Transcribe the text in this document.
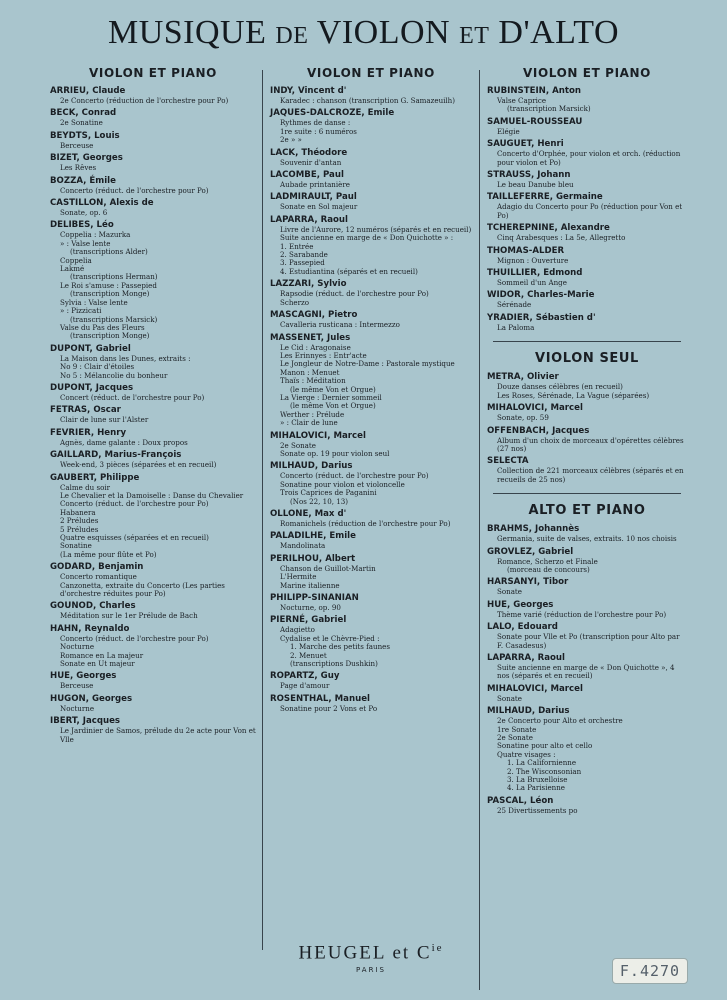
MUSIQUE DE VIOLON ET D'ALTO
VIOLON ET PIANO
ARRIEU, Claude
2e Concerto (réduction de l'orchestre pour Po)
BECK, Conrad
2e Sonatine
BEYDTS, Louis
Berceuse
BIZET, Georges
Les Rêves
BOZZA, Émile
Concerto (réduct. de l'orchestre pour Po)
CASTILLON, Alexis de
Sonate, op. 6
DELIBES, Léo
Coppelia : Mazurka
» : Valse lente
(transcriptions Alder)
Coppelia
Lakmé
(transcriptions Herman)
Le Roi s'amuse : Passepied
(transcription Monge)
Sylvia : Valse lente
» : Pizzicati
(transcriptions Marsick)
Valse du Pas des Fleurs
(transcription Monge)
DUPONT, Gabriel
La Maison dans les Dunes, extraits :
No 9 : Clair d'étoiles
No 5 : Mélancolie du bonheur
DUPONT, Jacques
Concert (réduct. de l'orchestre pour Po)
FETRAS, Oscar
Clair de lune sur l'Alster
FEVRIER, Henry
Agnès, dame galante : Doux propos
GAILLARD, Marius-François
Week-end, 3 pièces (séparées et en recueil)
GAUBERT, Philippe
Calme du soir
Le Chevalier et la Damoiselle : Danse du Chevalier
Concerto (réduct. de l'orchestre pour Po)
Habanera
2 Préludes
5 Préludes
Quatre esquisses (séparées et en recueil)
Sonatine
(La même pour flûte et Po)
GODARD, Benjamin
Concerto romantique
Canzonetta, extraite du Concerto (Les parties d'orchestre réduites pour Po)
GOUNOD, Charles
Méditation sur le 1er Prélude de Bach
HAHN, Reynaldo
Concerto (réduct. de l'orchestre pour Po)
Nocturne
Romance en La majeur
Sonate en Ut majeur
HUE, Georges
Berceuse
HUGON, Georges
Nocturne
IBERT, Jacques
Le Jardinier de Samos, prélude du 2e acte pour Von et Vlle
VIOLON ET PIANO
INDY, Vincent d'
Karadec : chanson (transcription G. Samazeuilh)
JAQUES-DALCROZE, Emile
Rythmes de danse :
1re suite : 6 numéros
2e » »
LACK, Théodore
Souvenir d'antan
LACOMBE, Paul
Aubade printanière
LADMIRAULT, Paul
Sonate en Sol majeur
LAPARRA, Raoul
Livre de l'Aurore, 12 numéros (séparés et en recueil)
Suite ancienne en marge de « Don Quichotte » :
1. Entrée
2. Sarabande
3. Passepied
4. Estudiantina (séparés et en recueil)
LAZZARI, Sylvio
Rapsodie (réduct. de l'orchestre pour Po)
Scherzo
MASCAGNI, Pietro
Cavalleria rusticana : Intermezzo
MASSENET, Jules
Le Cid : Aragonaise
Les Erinnyes : Entr'acte
Le Jongleur de Notre-Dame : Pastorale mystique
Manon : Menuet
Thaïs : Méditation
(le même Von et Orgue)
La Vierge : Dernier sommeil
(le même Von et Orgue)
Werther : Prélude
» : Clair de lune
MIHALOVICI, Marcel
2e Sonate
Sonate op. 19 pour violon seul
MILHAUD, Darius
Concerto (réduct. de l'orchestre pour Po)
Sonatine pour violon et violoncelle
Trois Caprices de Paganini
(Nos 22, 10, 13)
OLLONE, Max d'
Romanichels (réduction de l'orchestre pour Po)
PALADILHE, Emile
Mandolinata
PERILHOU, Albert
Chanson de Guillot-Martin
L'Hermite
Marine italienne
PHILIPP-SINANIAN
Nocturne, op. 90
PIERNÉ, Gabriel
Adagietto
Cydalise et le Chèvre-Pied :
1. Marche des petits faunes
2. Menuet
(transcriptions Dushkin)
ROPARTZ, Guy
Page d'amour
ROSENTHAL, Manuel
Sonatine pour 2 Vons et Po
VIOLON ET PIANO
RUBINSTEIN, Anton
Valse Caprice
(transcription Marsick)
SAMUEL-ROUSSEAU
Elégie
SAUGUET, Henri
Concerto d'Orphée, pour violon et orch. (réduction pour violon et Po)
STRAUSS, Johann
Le beau Danube bleu
TAILLEFERRE, Germaine
Adagio du Concerto pour Po (réduction pour Von et Po)
TCHEREPNINE, Alexandre
Cinq Arabesques : La 5e, Allegretto
THOMAS-ALDER
Mignon : Ouverture
THUILLIER, Edmond
Sommeil d'un Ange
WIDOR, Charles-Marie
Sérénade
YRADIER, Sébastien d'
La Paloma
VIOLON SEUL
METRA, Olivier
Douze danses célèbres (en recueil)
Les Roses, Sérénade, La Vague (séparées)
MIHALOVICI, Marcel
Sonate, op. 59
OFFENBACH, Jacques
Album d'un choix de morceaux d'opérettes célèbres (27 nos)
SELECTA
Collection de 221 morceaux célèbres (séparés et en recueils de 25 nos)
ALTO ET PIANO
BRAHMS, Johannès
Germania, suite de valses, extraits. 10 nos choisis
GROVLEZ, Gabriel
Romance, Scherzo et Finale
(morceau de concours)
HARSANYI, Tibor
Sonate
HUE, Georges
Thème varié (réduction de l'orchestre pour Po)
LALO, Edouard
Sonate pour Vlle et Po (transcription pour Alto par F. Casadesus)
LAPARRA, Raoul
Suite ancienne en marge de « Don Quichotte », 4 nos (séparés et en recueil)
MIHALOVICI, Marcel
Sonate
MILHAUD, Darius
2e Concerto pour Alto et orchestre
1re Sonate
2e Sonate
Sonatine pour alto et cello
Quatre visages :
1. La Californienne
2. The Wisconsonian
3. La Bruxelloise
4. La Parisienne
PASCAL, Léon
25 Divertissements po
HEUGEL et $C^{ie}$
PARIS	F.4270
